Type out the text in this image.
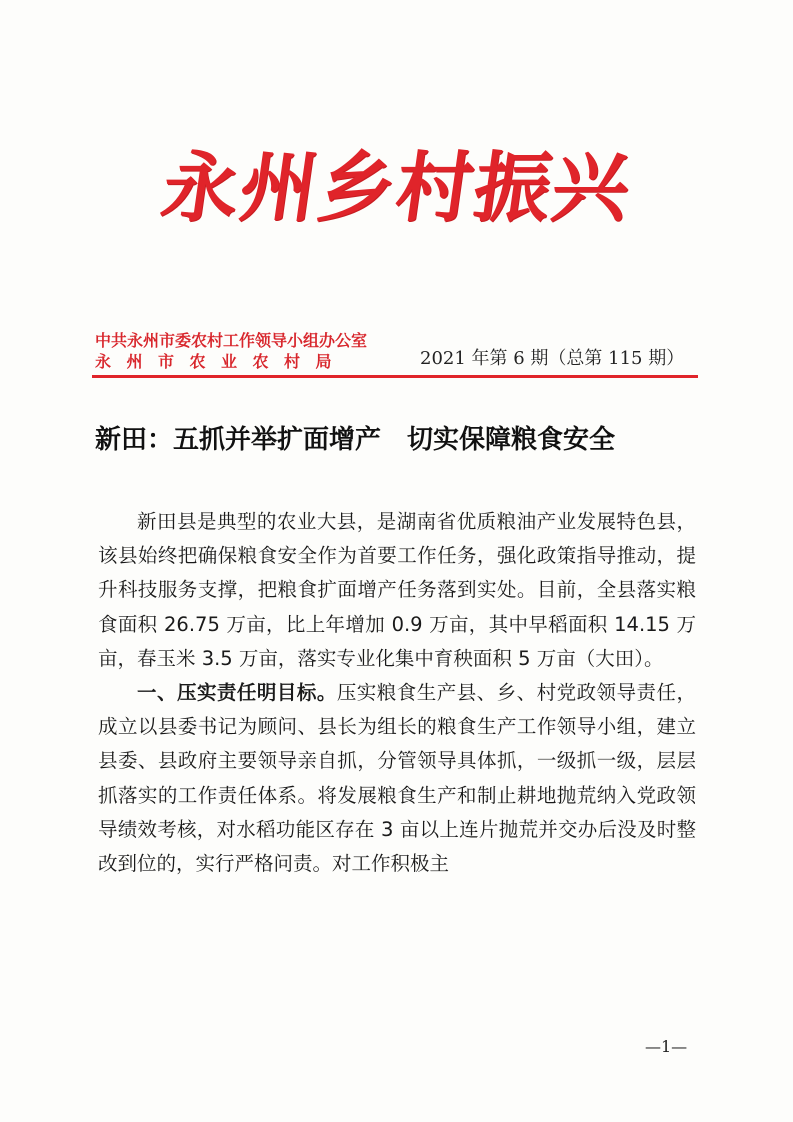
永州乡村振兴
中共永州市委农村工作领导小组办公室
永州市农业农村局	2021 年第 6 期（总第 115 期）
新田：五抓并举扩面增产　切实保障粮食安全

新田县是典型的农业大县，是湖南省优质粮油产业发展特色县，该县始终把确保粮食安全作为首要工作任务，强化政策指导推动，提升科技服务支撑，把粮食扩面增产任务落到实处。目前，全县落实粮食面积 26.75 万亩，比上年增加 0.9 万亩，其中早稻面积 14.15 万亩，春玉米 3.5 万亩，落实专业化集中育秧面积 5 万亩（大田）。

一、压实责任明目标。压实粮食生产县、乡、村党政领导责任，成立以县委书记为顾问、县长为组长的粮食生产工作领导小组，建立县委、县政府主要领导亲自抓，分管领导具体抓，一级抓一级，层层抓落实的工作责任体系。将发展粮食生产和制止耕地抛荒纳入党政领导绩效考核，对水稻功能区存在 3 亩以上连片抛荒并交办后没及时整改到位的，实行严格问责。对工作积极主

—1—
